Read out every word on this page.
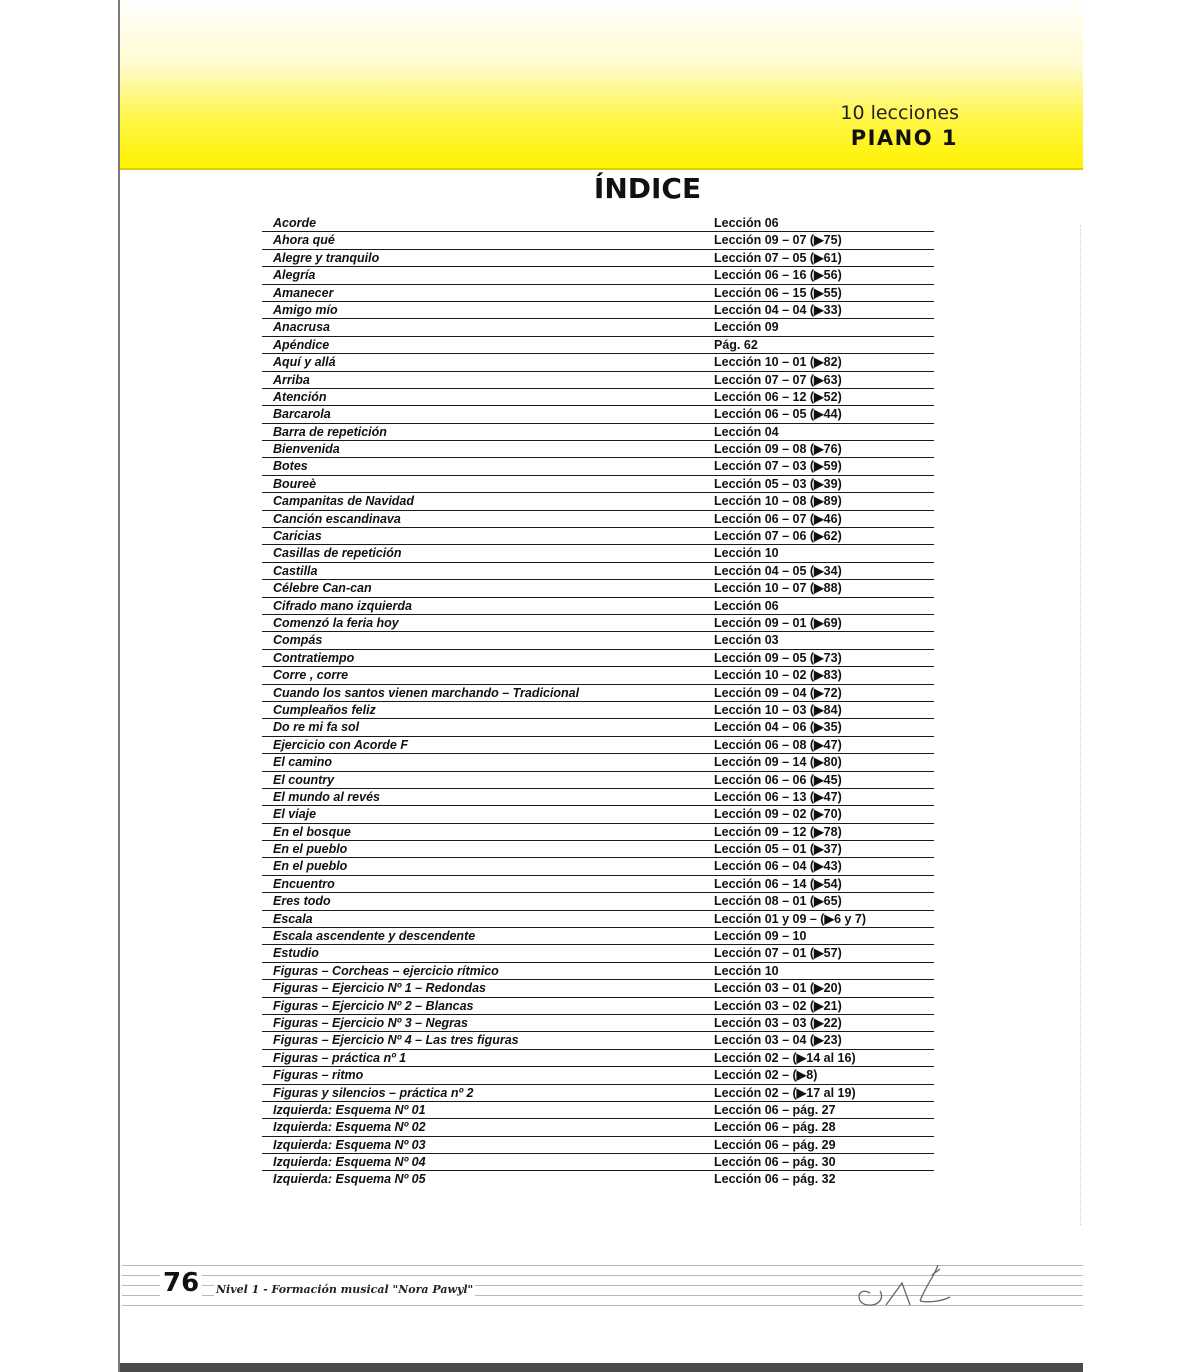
10 lecciones
PIANO 1
ÍNDICE
Acorde	Lección 06
Ahora qué	Lección 09 – 07 (▶75)
Alegre y tranquilo	Lección 07 – 05 (▶61)
Alegría	Lección 06 – 16 (▶56)
Amanecer	Lección 06 – 15 (▶55)
Amigo mío	Lección 04 – 04 (▶33)
Anacrusa	Lección 09
Apéndice	Pág. 62
Aquí y allá	Lección 10 – 01 (▶82)
Arriba	Lección 07 – 07 (▶63)
Atención	Lección 06 – 12 (▶52)
Barcarola	Lección 06 – 05 (▶44)
Barra de repetición	Lección 04
Bienvenida	Lección 09 – 08 (▶76)
Botes	Lección 07 – 03 (▶59)
Boureè	Lección 05 – 03 (▶39)
Campanitas de Navidad	Lección 10 – 08 (▶89)
Canción escandinava	Lección 06 – 07 (▶46)
Caricias	Lección 07 – 06 (▶62)
Casillas de repetición	Lección 10
Castilla	Lección 04 – 05 (▶34)
Célebre Can-can	Lección 10 – 07 (▶88)
Cifrado mano izquierda	Lección 06
Comenzó la feria hoy	Lección 09 – 01 (▶69)
Compás	Lección 03
Contratiempo	Lección 09 – 05 (▶73)
Corre , corre	Lección 10 – 02 (▶83)
Cuando los santos vienen marchando – Tradicional	Lección 09 – 04 (▶72)
Cumpleaños feliz	Lección 10 – 03 (▶84)
Do re mi fa sol	Lección 04 – 06 (▶35)
Ejercicio con Acorde F	Lección 06 – 08 (▶47)
El camino	Lección 09 – 14 (▶80)
El country	Lección 06 – 06 (▶45)
El mundo al revés	Lección 06 – 13 (▶47)
El viaje	Lección 09 – 02 (▶70)
En el bosque	Lección 09 – 12 (▶78)
En el pueblo	Lección 05 – 01 (▶37)
En el pueblo	Lección 06 – 04 (▶43)
Encuentro	Lección 06 – 14 (▶54)
Eres todo	Lección 08 – 01 (▶65)
Escala	Lección 01 y 09 – (▶6 y 7)
Escala ascendente y descendente	Lección 09 – 10
Estudio	Lección 07 – 01 (▶57)
Figuras – Corcheas – ejercicio rítmico	Lección 10
Figuras – Ejercicio Nº 1 – Redondas	Lección 03 – 01 (▶20)
Figuras – Ejercicio Nº 2 – Blancas	Lección 03 – 02 (▶21)
Figuras – Ejercicio Nº 3 – Negras	Lección 03 – 03 (▶22)
Figuras – Ejercicio Nº 4 – Las tres figuras	Lección 03 – 04 (▶23)
Figuras – práctica nº 1	Lección 02 – (▶14 al 16)
Figuras – ritmo	Lección 02 – (▶8)
Figuras y silencios – práctica nº 2	Lección 02 – (▶17 al 19)
Izquierda: Esquema Nº 01	Lección 06 – pág. 27
Izquierda: Esquema Nº 02	Lección 06 – pág. 28
Izquierda: Esquema Nº 03	Lección 06 – pág. 29
Izquierda: Esquema Nº 04	Lección 06 – pág. 30
Izquierda: Esquema Nº 05	Lección 06 – pág. 32
76 Nivel 1 - Formación musical "Nora Pawyl"
